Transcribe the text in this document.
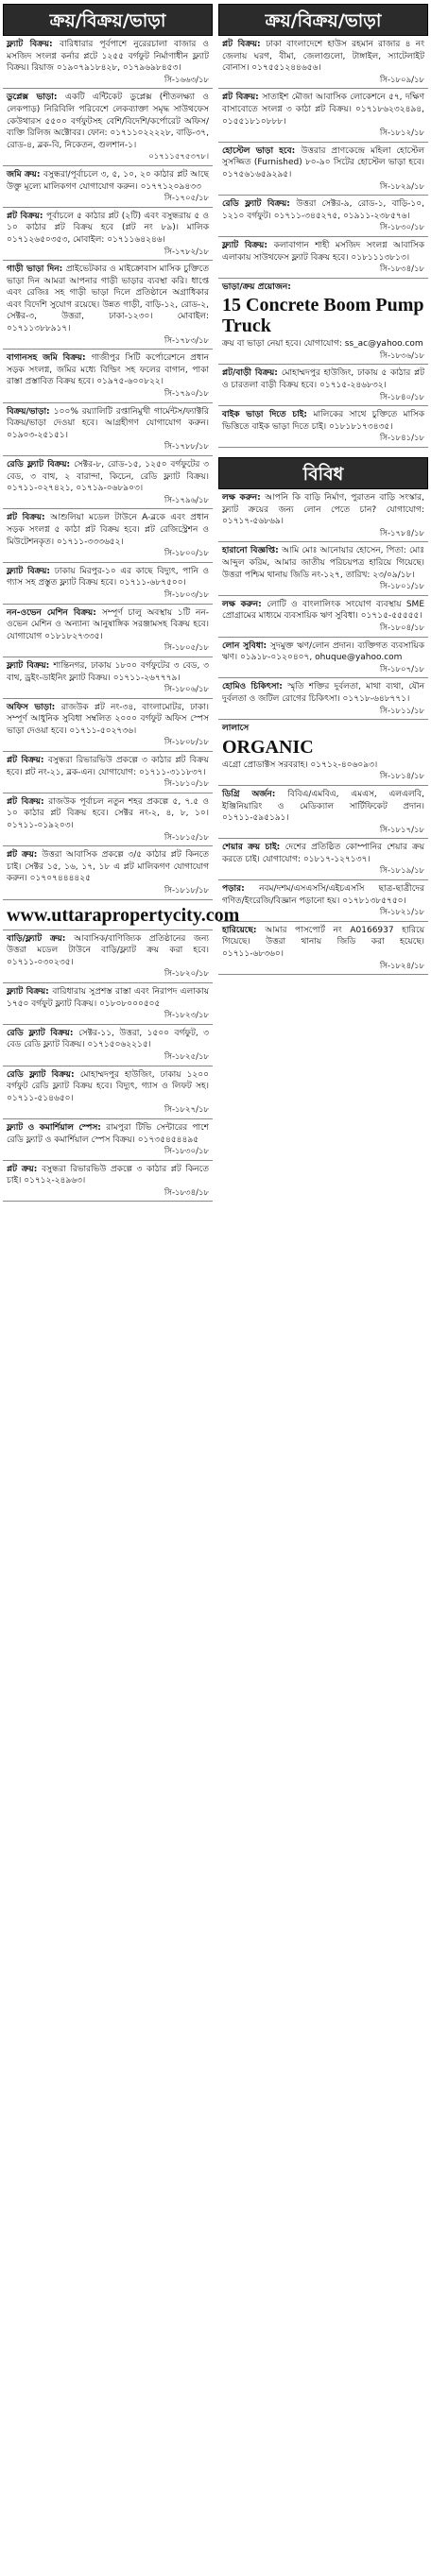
ক্রয়/বিক্রয়/ভাড়া
ফ্ল্যাট বিক্রয়: বারিধারার পূর্বপাশে নুরেরচালা বাজার ও মসজিদ সংলগ্ন কর্নার প্লটে ১২৫৫ বর্গফুট নির্মাণাধীন ফ্ল্যাট বিক্রয়। রিয়াজ ০১৯০৭৯১৮৪২৮, ০১৭৯৬৯৮৪৫৩।
সি-১৬৬৩/১৮
ডুপ্লেক্স ভাড়া: একটি এন্টিকেট ডুপ্লেক্স (শীতলক্ষ্যা ও লেকপাড়) নিরিবিলি পরিবেশে লেকব্যাক্তা সমৃদ্ধ সাউথফেস কেউথারস ৫৫০০ বর্গফুটসহ বেশি/বিদেশি/কর্পোরেট অফিস/ব্যক্তি রিলিজ অক্টোবর। ফোন: ০১৭১১০২২২২৮, বাড়ি-৩৭, রোড-৪, ব্লক-বি, নিকেতন, গুলশান-১।
০১৭১১৫৭৫৩৭৮।
জমি ক্রয়: বসুন্ধরা/পূর্বাচলে ৩, ৫, ১০, ২০ কাঠার প্লট আছে উক্তু মূল্যে মালিকগণ যোগাযোগ করুন। ০১৭৭১২০৯৪৩৩
সি-১৭০৫/১৮
প্লট বিক্রয়: পূর্বাচলে ৫ কাঠার প্লট (২টি) এবং বসুন্ধরায় ৫ ও ১০ কাঠার প্লট বিক্রয় হবে (প্লট নং ৮৯)। মালিক ০১৭১২৬৫০৩৫৩, মোবাইল: ০১৭১১৬৪২৪৬।
সি-১৭৮২/১৮
গাড়ী ভাড়া দিন: প্রাইভেটকার ও মাইক্রোবাস মাসিক চুক্তিতে ভাড়া দিন আমরা আপনার গাড়ী ভাড়ার ব্যবস্থা করি। ধাপ্তে এবং রেজিঃ সহ গাড়ী ভাড়া দিলে প্রতিষ্ঠানে অগ্রাধিকার এবং বিদেশি সুযোগ রয়েছে। উন্নত গাড়ী, বাড়ি-১২, রোড-২, সেক্টর-৩, উত্তরা, ঢাকা-১২৩০। মোবাইল: ০১৭১১৩৮৮৯১৭।
সি-১৭৮৩/১৮
বাগানসহ জমি বিক্রয়: গাজীপুর সিটি কর্পোরেশনে প্রধান সড়ক সংলগ্ন, জমির মধ্যে বিল্ডিং সহ ফলের বাগান, পাকা রাস্তা প্রস্তাবিত বিক্রয় হবে। ০১৯৭৫-৬০০৮২২।
সি-১৭৯০/১৮
বিক্রয়/ভাড়া: ১০০% রয়্যালিটি রপ্তানিমুখী গার্মেন্টস/ফ্যাক্টরি বিক্রয়/ভাড়া দেওয়া হবে। আগ্রহীগণ যোগাযোগ করুন। ০১৯০৩-২৫১৫১।
সি-১৭৮৮/১৮
রেডি ফ্ল্যাট বিক্রয়: সেক্টর-৮, রোড-১৫, ১২৫০ বর্গফুটের ৩ বেড, ৩ বাথ, ২ বারান্দা, কিচেন, রেডি ফ্ল্যাট বিক্রয়। ০১৭১১-০২৭৪২১, ০১৭১৯-০৬৮৯০৩।
সি-১৭৯৬/১৮
প্লট বিক্রয়: আশুলিয়া মডেল টাউনে A-ব্লকে এবং প্রধান সড়ক সংলগ্ন ৫ কাঠা প্লট বিক্রয় হবে। প্লট রেজিস্ট্রেশন ও মিউটেশনকৃত। ০১৭১১-৩৩৩৬৫২।
সি-১৮০০/১৮
ফ্ল্যাট বিক্রয়: ঢাকায় মিরপুর-১০ এর কাছে বিদ্যুৎ, পানি ও গ্যাস সহ প্রস্তুত ফ্ল্যাট বিক্রয় হবে। ০১৭১১-৬৮৭৫০০।
সি-১৮০৩/১৮
নন-ওভেন মেশিন বিক্রয়: সম্পূর্ণ চালু অবস্থায় ১টি নন-ওভেন মেশিন ও অন্যান্য আনুষাঙ্গিক সরঞ্জামসহ বিক্রয় হবে। যোগাযোগ ০১৮১৮২৭৩৩৫।
সি-১৮০৫/১৮
ফ্ল্যাট বিক্রয়: শান্তিনগর, ঢাকায় ১৮০০ বর্গফুটের ৩ বেড, ৩ বাথ, ড্রইং-ডাইনিং ফ্ল্যাট বিক্রয়। ০১৭১১-২৬৭৭৭৯।
সি-১৮০৬/১৮
অফিস ভাড়া: রাজউক প্লট নং-৩৪, বাংলামোটর, ঢাকা। সম্পূর্ণ আধুনিক সুবিধা সম্বলিত ২০০০ বর্গফুট অফিস স্পেস ভাড়া দেওয়া হবে। ০১৭১১-৫০২৭৩৬।
সি-১৮০৮/১৮
প্লট বিক্রয়: বসুন্ধরা রিভারভিউ প্রকল্পে ৩ কাঠার প্লট বিক্রয় হবে। প্লট নং-২১, ব্লক-এন। যোগাযোগ: ০১৭১১-৩১১৮৩৭।
সি-১৮১০/১৮
প্লট বিক্রয়: রাজউক পূর্বাচল নতুন শহর প্রকল্পে ৫, ৭.৫ ও ১০ কাঠার প্লট বিক্রয় হবে। সেক্টর নং-২, ৪, ৮, ১০। ০১৭১১-০১৯২০৩।
সি-১৮১৫/১৮
প্লট ক্রয়: উত্তরা আবাসিক প্রকল্পে ৩/৫ কাঠার প্লট কিনতে চাই। সেক্টর ১৫, ১৬, ১৭, ১৮ এ প্লট মালিকগণ যোগাযোগ করুন। ০১৭০৭৪৪৪৪২৫
সি-১৮১৮/১৮
www.uttarapropertycity.com
বাড়ি/ফ্ল্যাট ক্রয়: আবাসিক/বাণিজ্যিক প্রতিষ্ঠানের জন্য উত্তরা মডেল টাউনে বাড়ি/ফ্ল্যাট ক্রয় করা হবে। ০১৭১১-০৩০২৩৫।
সি-১৮২০/১৮
ফ্ল্যাট বিক্রয়: বারিধারায় সুপ্রশস্ত রাস্তা এবং নিরাপদ এলাকায় ১৭৫০ বর্গফুট ফ্ল্যাট বিক্রয়। ০১৮০৮০০০৫০৫
সি-১৮২৩/১৮
রেডি ফ্ল্যাট বিক্রয়: সেক্টর-১১, উত্তরা, ১৫০০ বর্গফুট, ৩ বেড রেডি ফ্ল্যাট বিক্রয়। ০১৭১৫০৬২২১৫।
সি-১৮২৫/১৮
রেডি ফ্ল্যাট বিক্রয়: মোহাম্মদপুর হাউজিং, ঢাকায় ১২০০ বর্গফুট রেডি ফ্ল্যাট বিক্রয় হবে। বিদ্যুৎ, গ্যাস ও লিফট সহ। ০১৭১১-৫১৪৬৫০।
সি-১৮২৭/১৮
ফ্ল্যাট ও কমার্শিয়াল স্পেস: রামপুরা টিভি সেন্টারের পাশে রেডি ফ্ল্যাট ও কমার্শিয়াল স্পেস বিক্রয়। ০১৭৩৫৪৫৪৪৯৫
সি-১৮৩০/১৮
প্লট ক্রয়: বসুন্ধরা রিভারভিউ প্রকল্পে ৩ কাঠার প্লট কিনতে চাই। ০১৭১২-২৪৯৬৩।
সি-১৮৩৪/১৮
ক্রয়/বিক্রয়/ভাড়া
প্লট বিক্রয়: ঢাকা বাংলাদেশে হাউস রহমান রাজার ৪ নং জেলায় ঘরগ, বীমা, জেলাগুলো, টাঙ্গাইল, স্যাটেলাইট বোনাস। ০১৭৫৫১২৪৪৬৫৬।
সি-১৮০৯/১৮
প্লট বিক্রয়: সাতাইশ মৌজা আবাসিক লোকেশনে ৫৭, দক্ষিণ বাসাবোতে সংলগ্ন ৩ কাঠা প্লট বিক্রয়। ০১৭১৮৬২৩২৪৯৪, ০১৫৫১৮১০৮৮৮।
সি-১৮১২/১৮
হোস্টেল ভাড়া হবে: উত্তরার প্রাণকেন্দ্রে মহিলা হোস্টেল সুসজ্জিত (Furnished) ৮০-৯০ সিটের হোস্টেল ভাড়া হবে। ০১৭৫৬১৬৫৯২৯৫।
সি-১৮২৯/১৮
রেডি ফ্ল্যাট বিক্রয়: উত্তরা সেক্টর-৯, রোড-১, বাড়ি-১০, ১২১০ বর্গফুট। ০১৭১১-৩৪৫২৭৫, ০১৯১১-২৩৮৫৭৬।
সি-১৮৩০/১৮
ফ্ল্যাট বিক্রয়: কলাবাগান শাহী মসজিদ সংলগ্ন আবাসিক এলাকায় সাউথফেস ফ্ল্যাট বিক্রয় হবে। ০১৮১১১৩৮১৩।
সি-১৮৩৪/১৮
ভাড়া/ক্রয় প্রয়োজন:
15 Concrete Boom Pump Truck
ক্রয় বা ভাড়া নেয়া হবে। যোগাযোগ: ss_ac@yahoo.com
সি-১৮৩৬/১৮
প্লট/বাড়ী বিক্রয়: মোহাম্মদপুর হাউজিং, ঢাকায় ৫ কাঠার প্লট ও চারতলা বাড়ী বিক্রয় হবে। ০১৭১৫-২৪৬৮৩২।
সি-১৮৪০/১৮
বাইক ভাড়া দিতে চাই: মালিকের সাথে চুক্তিতে মাসিক ভিত্তিতে বাইক ভাড়া দিতে চাই। ০১৮১৮১৭৩৪৩৫।
সি-১৮৪১/১৮
বিবিধ
লক্ষ করুন: আপনি কি বাড়ি নির্মাণ, পুরাতন বাড়ি সংস্কার, ফ্ল্যাট ক্রয়ের জন্য লোন পেতে চান? যোগাযোগ: ০১৭১৭-৫৬৮৬৯।
সি-১৭৮৪/১৮
হারানো বিজ্ঞপ্তি: আমি মোঃ আনোয়ার হোসেন, পিতা: মোঃ আব্দুল করিম, আমার জাতীয় পরিচয়পত্র হারিয়ে গিয়েছে। উত্তরা পশ্চিম থানায় জিডি নং-১২৭, তারিখ: ২৩/০৯/১৮।
সি-১৮০১/১৮
লক্ষ করুন: লোটি ও বাংলালিংক সংযোগ ব্যবস্থায় SME প্রোগ্রামের মাধ্যমে ব্যবসায়িক ঋণ সুবিধা। ০১৭১৫-৫৫৫৫৫।
সি-১৮০৪/১৮
লোন সুবিধা: সুদমুক্ত ঋণ/লোন প্রদান। ব্যক্তিগত ব্যবসায়িক ঋণ। ০১৯১৮-০১২০৪০৭, ohuque@yahoo.com
সি-১৮০৭/১৮
হোমিও চিকিৎসা: স্মৃতি শক্তির দুর্বলতা, মাথা ব্যথা, যৌন দুর্বলতা ও জটিল রোগের চিকিৎসা। ০১৭১৮-৬৪৮৭৭১।
সি-১৮১১/১৮
লালাসে
ORGANIC
এগ্রো প্রোডাক্টস সরবরাহ। ০১৭১২-৪০৬০৯৩।
সি-১৮১৪/১৮
ডিগ্রি অর্জন: বিবিএ/এমবিএ, এমএস, এলএলবি, ইঞ্জিনিয়ারিং ও মেডিক্যাল সার্টিফিকেট প্রদান। ০১৭১১-৫৯৫১৯১।
সি-১৮১৭/১৮
শেয়ার ক্রয় চাই: দেশের প্রতিষ্ঠিত কোম্পানির শেয়ার ক্রয় করতে চাই। যোগাযোগ: ০১৮১৭-১২৭১৩৭।
সি-১৮১৯/১৮
পড়ার: নবম/দশম/এসএসসি/এইচএসসি ছাত্র-ছাত্রীদের গণিত/ইংরেজি/বিজ্ঞান পড়ানো হয়। ০১৭৮১৩৮৫৭৫০।
সি-১৮২১/১৮
হারিয়েছে: আমার পাসপোর্ট নং A0166937 হারিয়ে গিয়েছে। উত্তরা থানায় জিডি করা হয়েছে। ০১৭১১-৬৮৩৬০।
সি-১৮২৪/১৮
